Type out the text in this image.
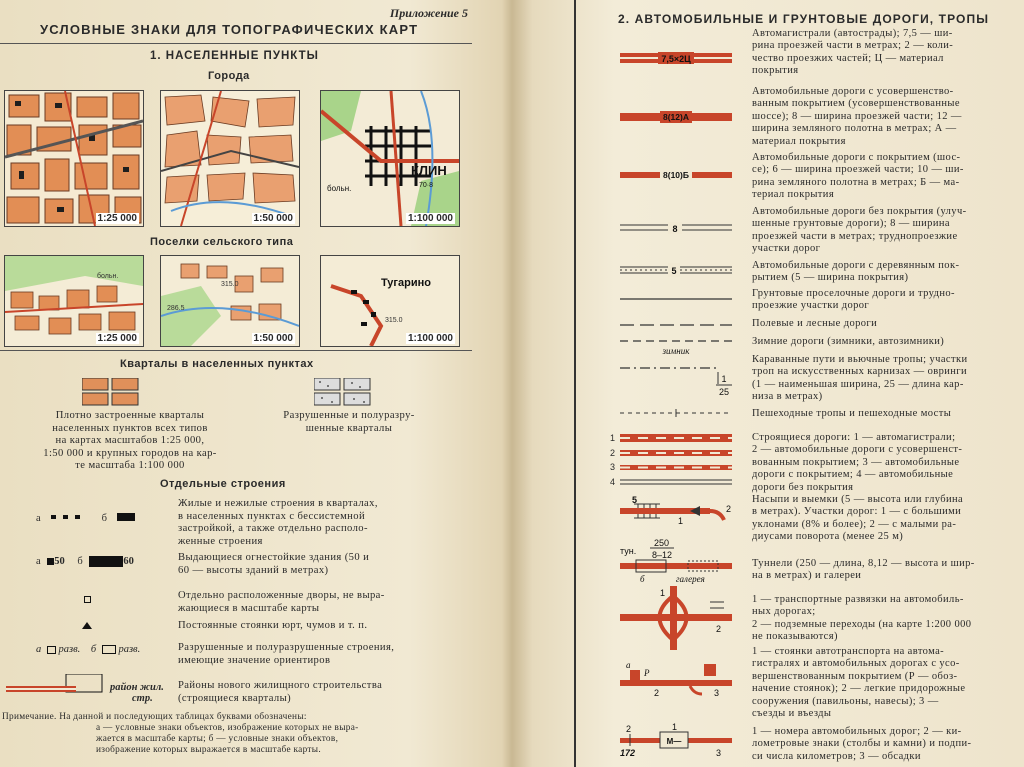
Приложение 5
УСЛОВНЫЕ ЗНАКИ ДЛЯ ТОПОГРАФИЧЕСКИХ КАРТ
1. НАСЕЛЕННЫЕ ПУНКТЫ
Города
1:25 000	1:50 000
КЛИН
больн.	70·8
1:100 000
Поселки сельского типа
больн.
1:25 000
315.0
286.5
1:50 000
Тугарино
315.0
1:100 000
Кварталы в населенных пунктах
Плотно застроенные кварталы
населенных пунктов всех типов
на картах масштабов 1:25 000,
1:50 000 и крупных городов на кар-
те масштаба 1:100 000
Разрушенные и полуразру-
шенные кварталы
Отдельные строения
а	б
Жилые и нежилые строения в кварталах,
в населенных пунктах с бессистемной
застройкой, а также отдельно располо-
женные строения
а 50 б	60	Выдающиеся огнестойкие здания (50 и
60 — высоты зданий в метрах)
Отдельно расположенные дворы, не выра-
жающиеся в масштабе карты
Постоянные стоянки юрт, чумов и т. п.
а разв. б разв.	Разрушенные и полуразрушенные строения,
имеющие значение ориентиров
район жил.
стр.
Районы нового жилищного строительства
(строящиеся кварталы)
Примечание. На данной и последующих таблицах буквами обозначены:
а — условные знаки объектов, изображение которых не выра-
жается в масштабе карты; б — условные знаки объектов,
изображение которых выражается в масштабе карты.
2. АВТОМОБИЛЬНЫЕ И ГРУНТОВЫЕ ДОРОГИ, ТРОПЫ
7,5×2Ц
Автомагистрали (автострады); 7,5 — ши-
рина проезжей части в метрах; 2 — коли-
чество проезжих частей; Ц — материал
покрытия
8(12)А
Автомобильные дороги с усовершенство-
ванным покрытием (усовершенствованные
шоссе); 8 — ширина проезжей части; 12 —
ширина земляного полотна в метрах; А —
материал покрытия
8(10)Б
Автомобильные дороги с покрытием (шос-
се); 6 — ширина проезжей части; 10 — ши-
рина земляного полотна в метрах; Б — ма-
териал покрытия
8
Автомобильные дороги без покрытия (улуч-
шенные грунтовые дороги); 8 — ширина
проезжей части в метрах; труднопроезжие
участки дорог
5	Автомобильные дороги с деревянным пок-
рытием (5 — ширина покрытия)
Грунтовые проселочные дороги и трудно-
проезжие участки дорог
Полевые и лесные дороги
зимник
Зимние дороги (зимники, автозимники)
1
25
Караванные пути и вьючные тропы; участки
троп на искусственных карнизах — овринги
(1 — наименьшая ширина, 25 — длина кар-
низа в метрах)
Пешеходные тропы и пешеходные мосты
1
2
3
4
Строящиеся дороги: 1 — автомагистрали;
2 — автомобильные дороги с усовершенст-
вованным покрытием; 3 — автомобильные
дороги с покрытием; 4 — автомобильные
дороги без покрытия
5
1
2
Насыпи и выемки (5 — высота или глубина
в метрах). Участки дорог: 1 — с большими
уклонами (8% и более); 2 — с малыми ра-
диусами поворота (менее 25 м)
тун.
250
8–12
б	галерея
Туннели (250 — длина, 8,12 — высота и шир-
на в метрах) и галереи
1
2
1 — транспортные развязки на автомобиль-
ных дорогах;
2 — подземные переходы (на карте 1:200 000
не показываются)
а
Р
2	3
1 — стоянки автотранспорта на автома-
гистралях и автомобильных дорогах с усо-
вершенствованным покрытием (Р — обоз-
начение стоянок); 2 — легкие придорожные
сооружения (павильоны, навесы); 3 —
съезды и въезды
М—
2
172
1
3
1 — номера автомобильных дорог; 2 — ки-
лометровые знаки (столбы и камни) и подпи-
си числа километров; 3 — обсадки
